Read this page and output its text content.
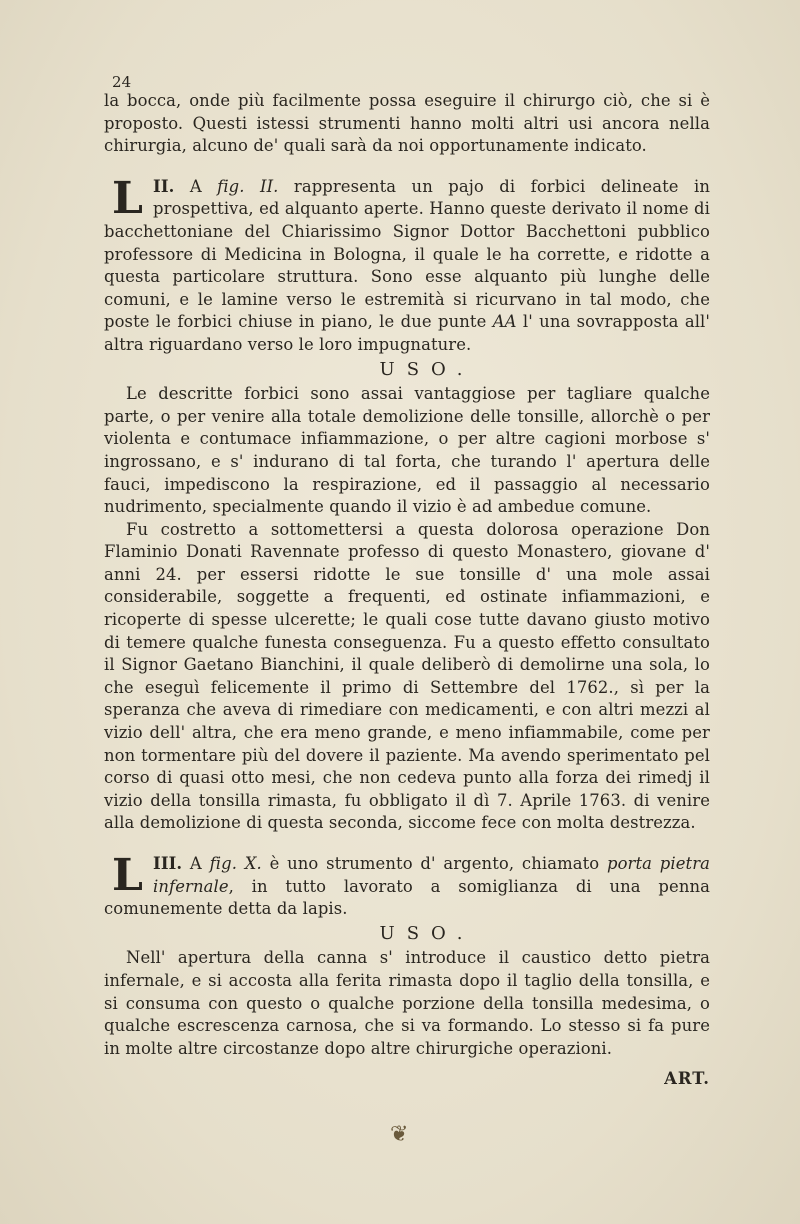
24

la bocca, onde più facilmente possa eseguire il chirurgo ciò, che si è proposto. Questi istessi strumenti hanno molti altri usi ancora nella chirurgia, alcuno de' quali sarà da noi opportunamente indicato.

II.
L	A fig. II. rappresenta un pajo di forbici delineate in prospettiva, ed alquanto aperte. Hanno queste derivato il nome di bacchettoniane del Chiarissimo Signor Dottor Bacchettoni pubblico professore di Medicina in Bologna, il quale le ha corrette, e ridotte a questa particolare struttura. Sono esse alquanto più lunghe delle comuni, e le lamine verso le estremità si ricurvano in tal modo, che poste le forbici chiuse in piano, le due punte AA l' una sovrapposta all' altra riguardano verso le loro impugnature.

USO.

Le descritte forbici sono assai vantaggiose per tagliare qualche parte, o per venire alla totale demolizione delle tonsille, allorchè o per violenta e contumace infiammazione, o per altre cagioni morbose s' ingrossano, e s' indurano di tal forta, che turando l' apertura delle fauci, impediscono la respirazione, ed il passaggio al necessario nudrimento, specialmente quando il vizio è ad ambedue comune.

Fu costretto a sottomettersi a questa dolorosa operazione Don Flaminio Donati Ravennate professo di questo Monastero, giovane d' anni 24. per essersi ridotte le sue tonsille d' una mole assai considerabile, soggette a frequenti, ed ostinate infiammazioni, e ricoperte di spesse ulcerette; le quali cose tutte davano giusto motivo di temere qualche funesta conseguenza. Fu a questo effetto consultato il Signor Gaetano Bianchini, il quale deliberò di demolirne una sola, lo che eseguì felicemente il primo di Settembre del 1762., sì per la speranza che aveva di rimediare con medicamenti, e con altri mezzi al vizio dell' altra, che era meno grande, e meno infiammabile, come per non tormentare più del dovere il paziente. Ma avendo sperimentato pel corso di quasi otto mesi, che non cedeva punto alla forza dei rimedj il vizio della tonsilla rimasta, fu obbligato il dì 7. Aprile 1763. di venire alla demolizione di questa seconda, siccome fece con molta destrezza.

III.
L	A fig. X. è uno strumento d' argento, chiamato porta pietra infernale, in tutto lavorato a somiglianza di una penna comunemente detta da lapis.

USO.

Nell' apertura della canna s' introduce il caustico detto pietra infernale, e si accosta alla ferita rimasta dopo il taglio della tonsilla, e si consuma con questo o qualche porzione della tonsilla medesima, o qualche escrescenza carnosa, che si va formando. Lo stesso si fa pure in molte altre circostanze dopo altre chirurgiche operazioni.

ART.
❦
